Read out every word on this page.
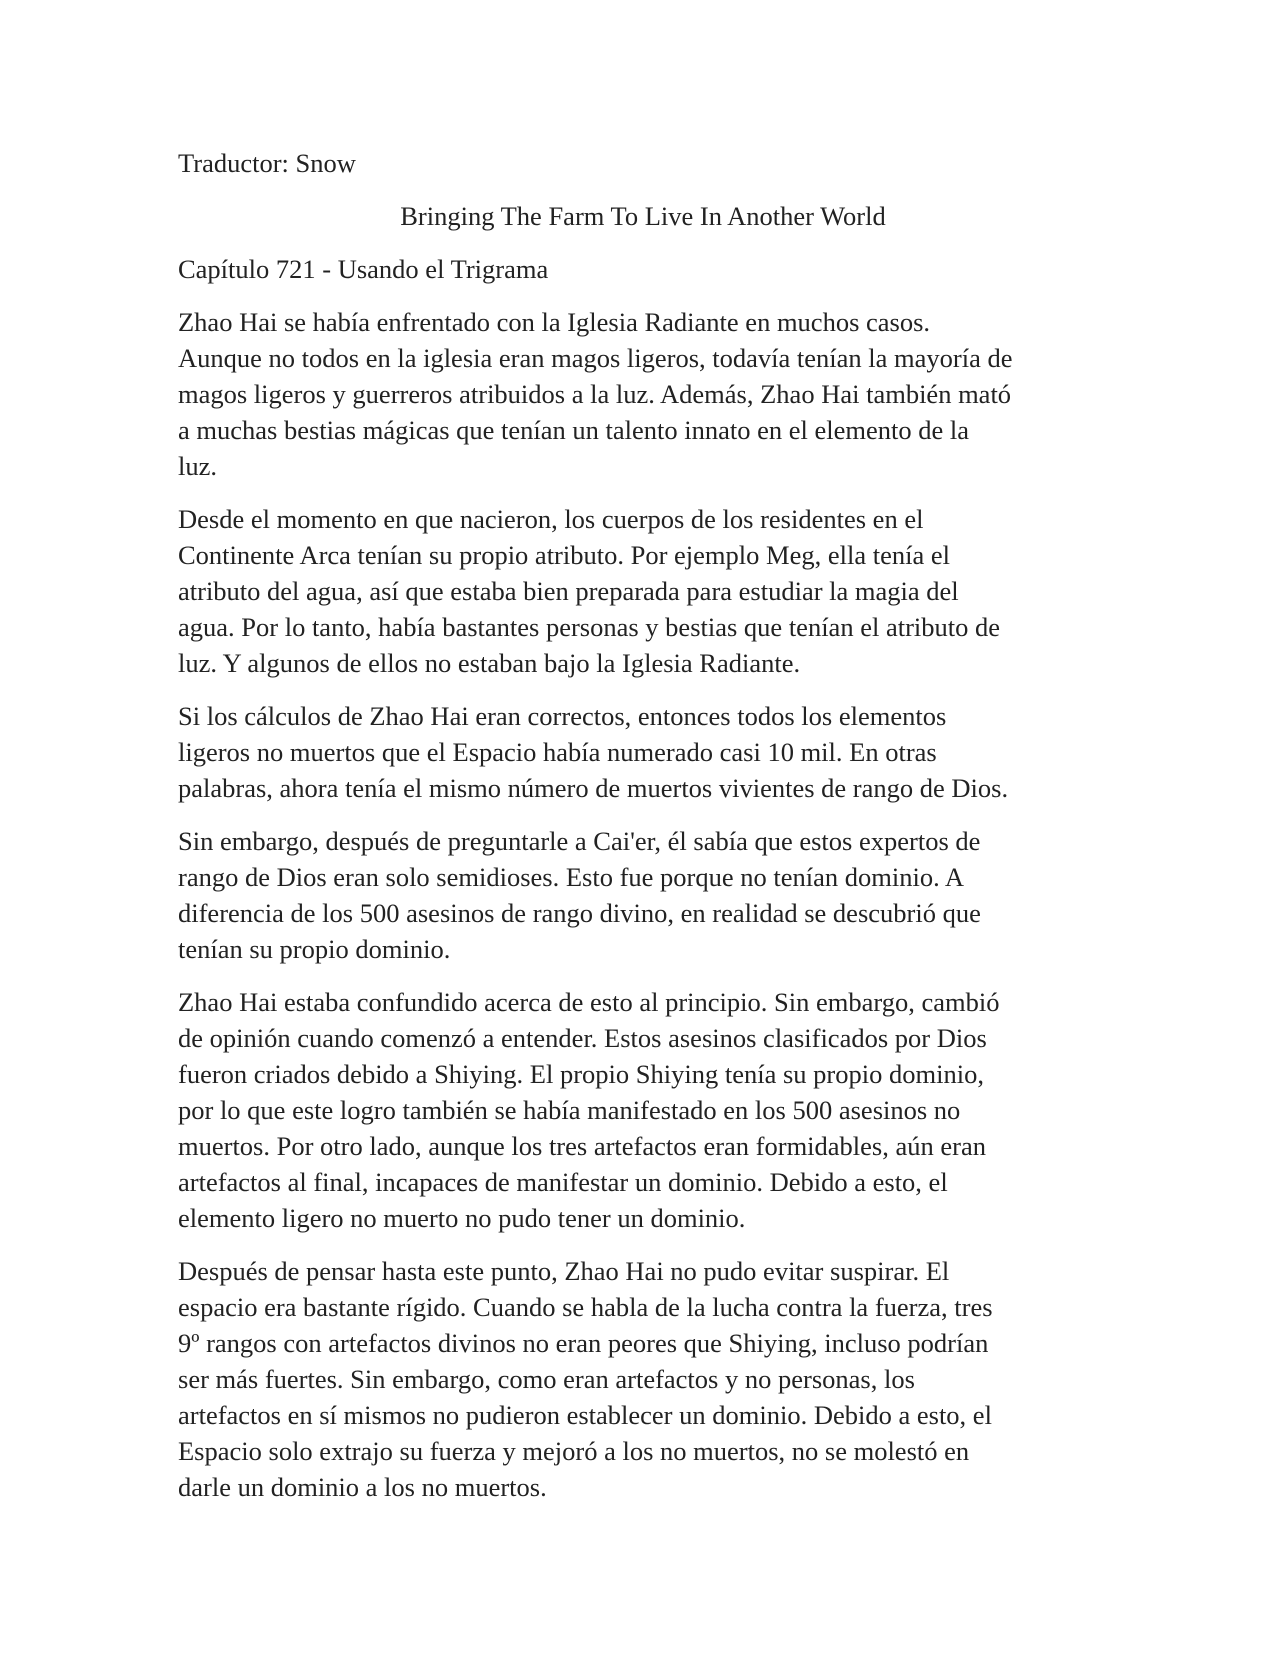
Traductor: Snow

Bringing The Farm To Live In Another World

Capítulo 721 - Usando el Trigrama

Zhao Hai se había enfrentado con la Iglesia Radiante en muchos casos.

Aunque no todos en la iglesia eran magos ligeros, todavía tenían la mayoría de

magos ligeros y guerreros atribuidos a la luz. Además, Zhao Hai también mató

a muchas bestias mágicas que tenían un talento innato en el elemento de la

luz.

Desde el momento en que nacieron, los cuerpos de los residentes en el

Continente Arca tenían su propio atributo. Por ejemplo Meg, ella tenía el

atributo del agua, así que estaba bien preparada para estudiar la magia del

agua. Por lo tanto, había bastantes personas y bestias que tenían el atributo de

luz. Y algunos de ellos no estaban bajo la Iglesia Radiante.

Si los cálculos de Zhao Hai eran correctos, entonces todos los elementos

ligeros no muertos que el Espacio había numerado casi 10 mil. En otras

palabras, ahora tenía el mismo número de muertos vivientes de rango de Dios.

Sin embargo, después de preguntarle a Cai'er, él sabía que estos expertos de

rango de Dios eran solo semidioses. Esto fue porque no tenían dominio. A

diferencia de los 500 asesinos de rango divino, en realidad se descubrió que

tenían su propio dominio.

Zhao Hai estaba confundido acerca de esto al principio. Sin embargo, cambió

de opinión cuando comenzó a entender. Estos asesinos clasificados por Dios

fueron criados debido a Shiying. El propio Shiying tenía su propio dominio,

por lo que este logro también se había manifestado en los 500 asesinos no

muertos. Por otro lado, aunque los tres artefactos eran formidables, aún eran

artefactos al final, incapaces de manifestar un dominio. Debido a esto, el

elemento ligero no muerto no pudo tener un dominio.

Después de pensar hasta este punto, Zhao Hai no pudo evitar suspirar. El

espacio era bastante rígido. Cuando se habla de la lucha contra la fuerza, tres

9º rangos con artefactos divinos no eran peores que Shiying, incluso podrían

ser más fuertes. Sin embargo, como eran artefactos y no personas, los

artefactos en sí mismos no pudieron establecer un dominio. Debido a esto, el

Espacio solo extrajo su fuerza y mejoró a los no muertos, no se molestó en

darle un dominio a los no muertos.
